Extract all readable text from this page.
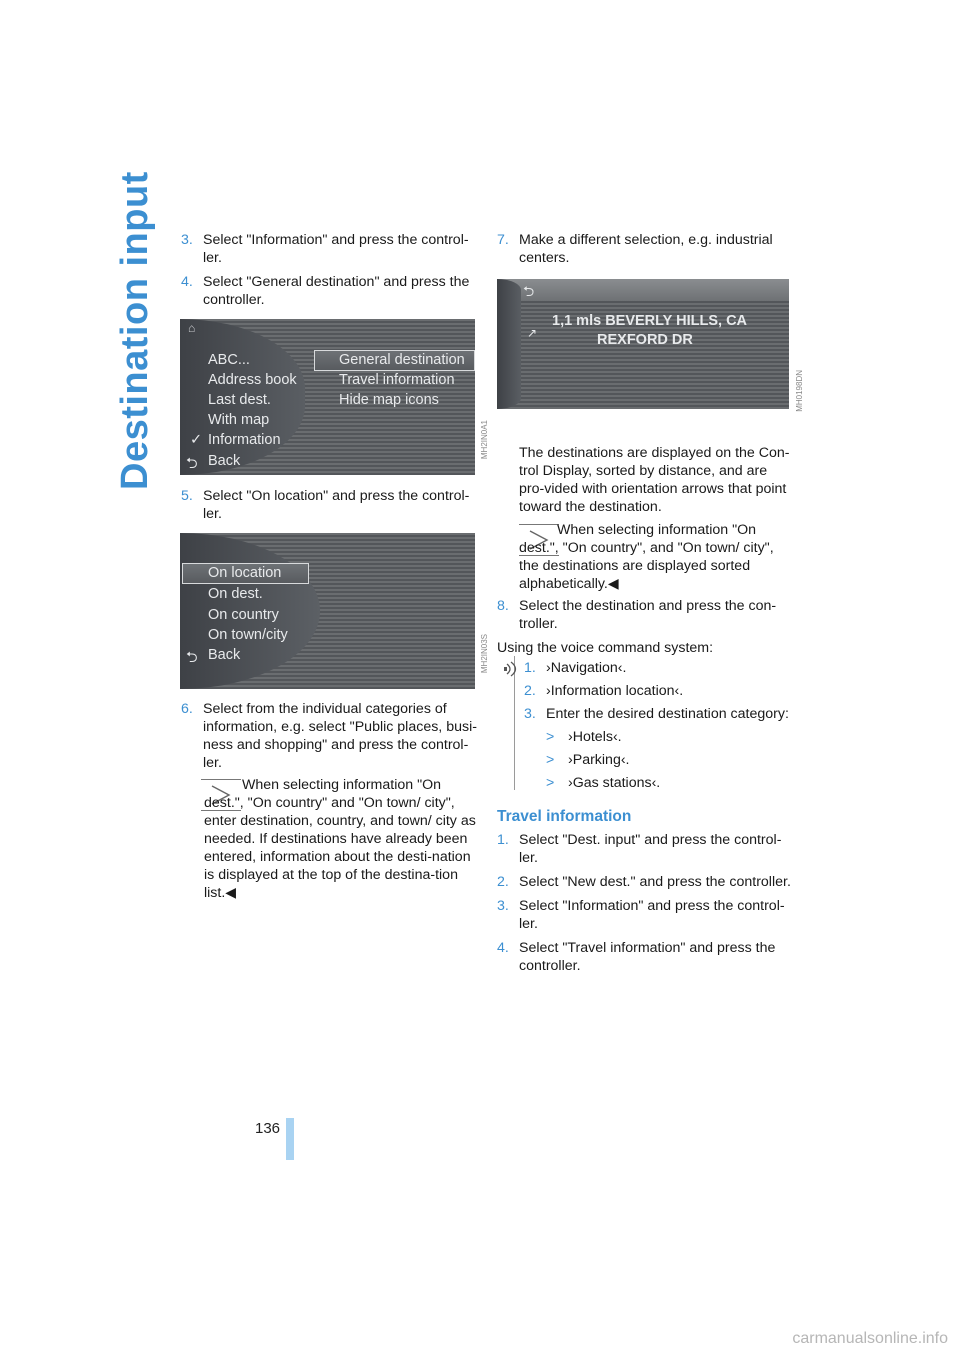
Destination input 3. Select "Information" and press the control-ler.

4. Select "General destination" and press the controller.

⌂
ABC...
Address book
Last dest.
With map
✓ Information
⮌ Back
General destination
Travel information
Hide map icons
MH2IN0A1
5. Select "On location" and press the control-ler.

On location
On dest.
On country
On town/city
⮌ Back	MH2IN03S
6. Select from the individual categories of information, e.g. select "Public places, busi-ness and shopping" and press the control-ler.

When selecting information "On dest.", "On country" and "On town/ city", enter destination, country, and town/ city as needed. If destinations have already been entered, information about the desti-nation is displayed at the top of the destina-tion list.◀

7. Make a different selection, e.g. industrial centers.

⮌
↗
1,1 mls BEVERLY HILLS, CA
REXFORD DR
MH0198DN

The destinations are displayed on the Con-trol Display, sorted by distance, and are pro-vided with orientation arrows that point toward the destination.

When selecting information "On dest.", "On country", and "On town/ city", the destinations are displayed sorted alphabetically.◀

8. Select the destination and press the con-troller.

Using the voice command system:

1. ›Navigation‹.

2. ›Information location‹.

3. Enter the desired destination category:

> ›Hotels‹.

> ›Parking‹.

> ›Gas stations‹.

Travel information
1. Select "Dest. input" and press the control-ler.

2. Select "New dest." and press the controller.

3. Select "Information" and press the control-ler.

4. Select "Travel information" and press the controller.

136
carmanualsonline.info
